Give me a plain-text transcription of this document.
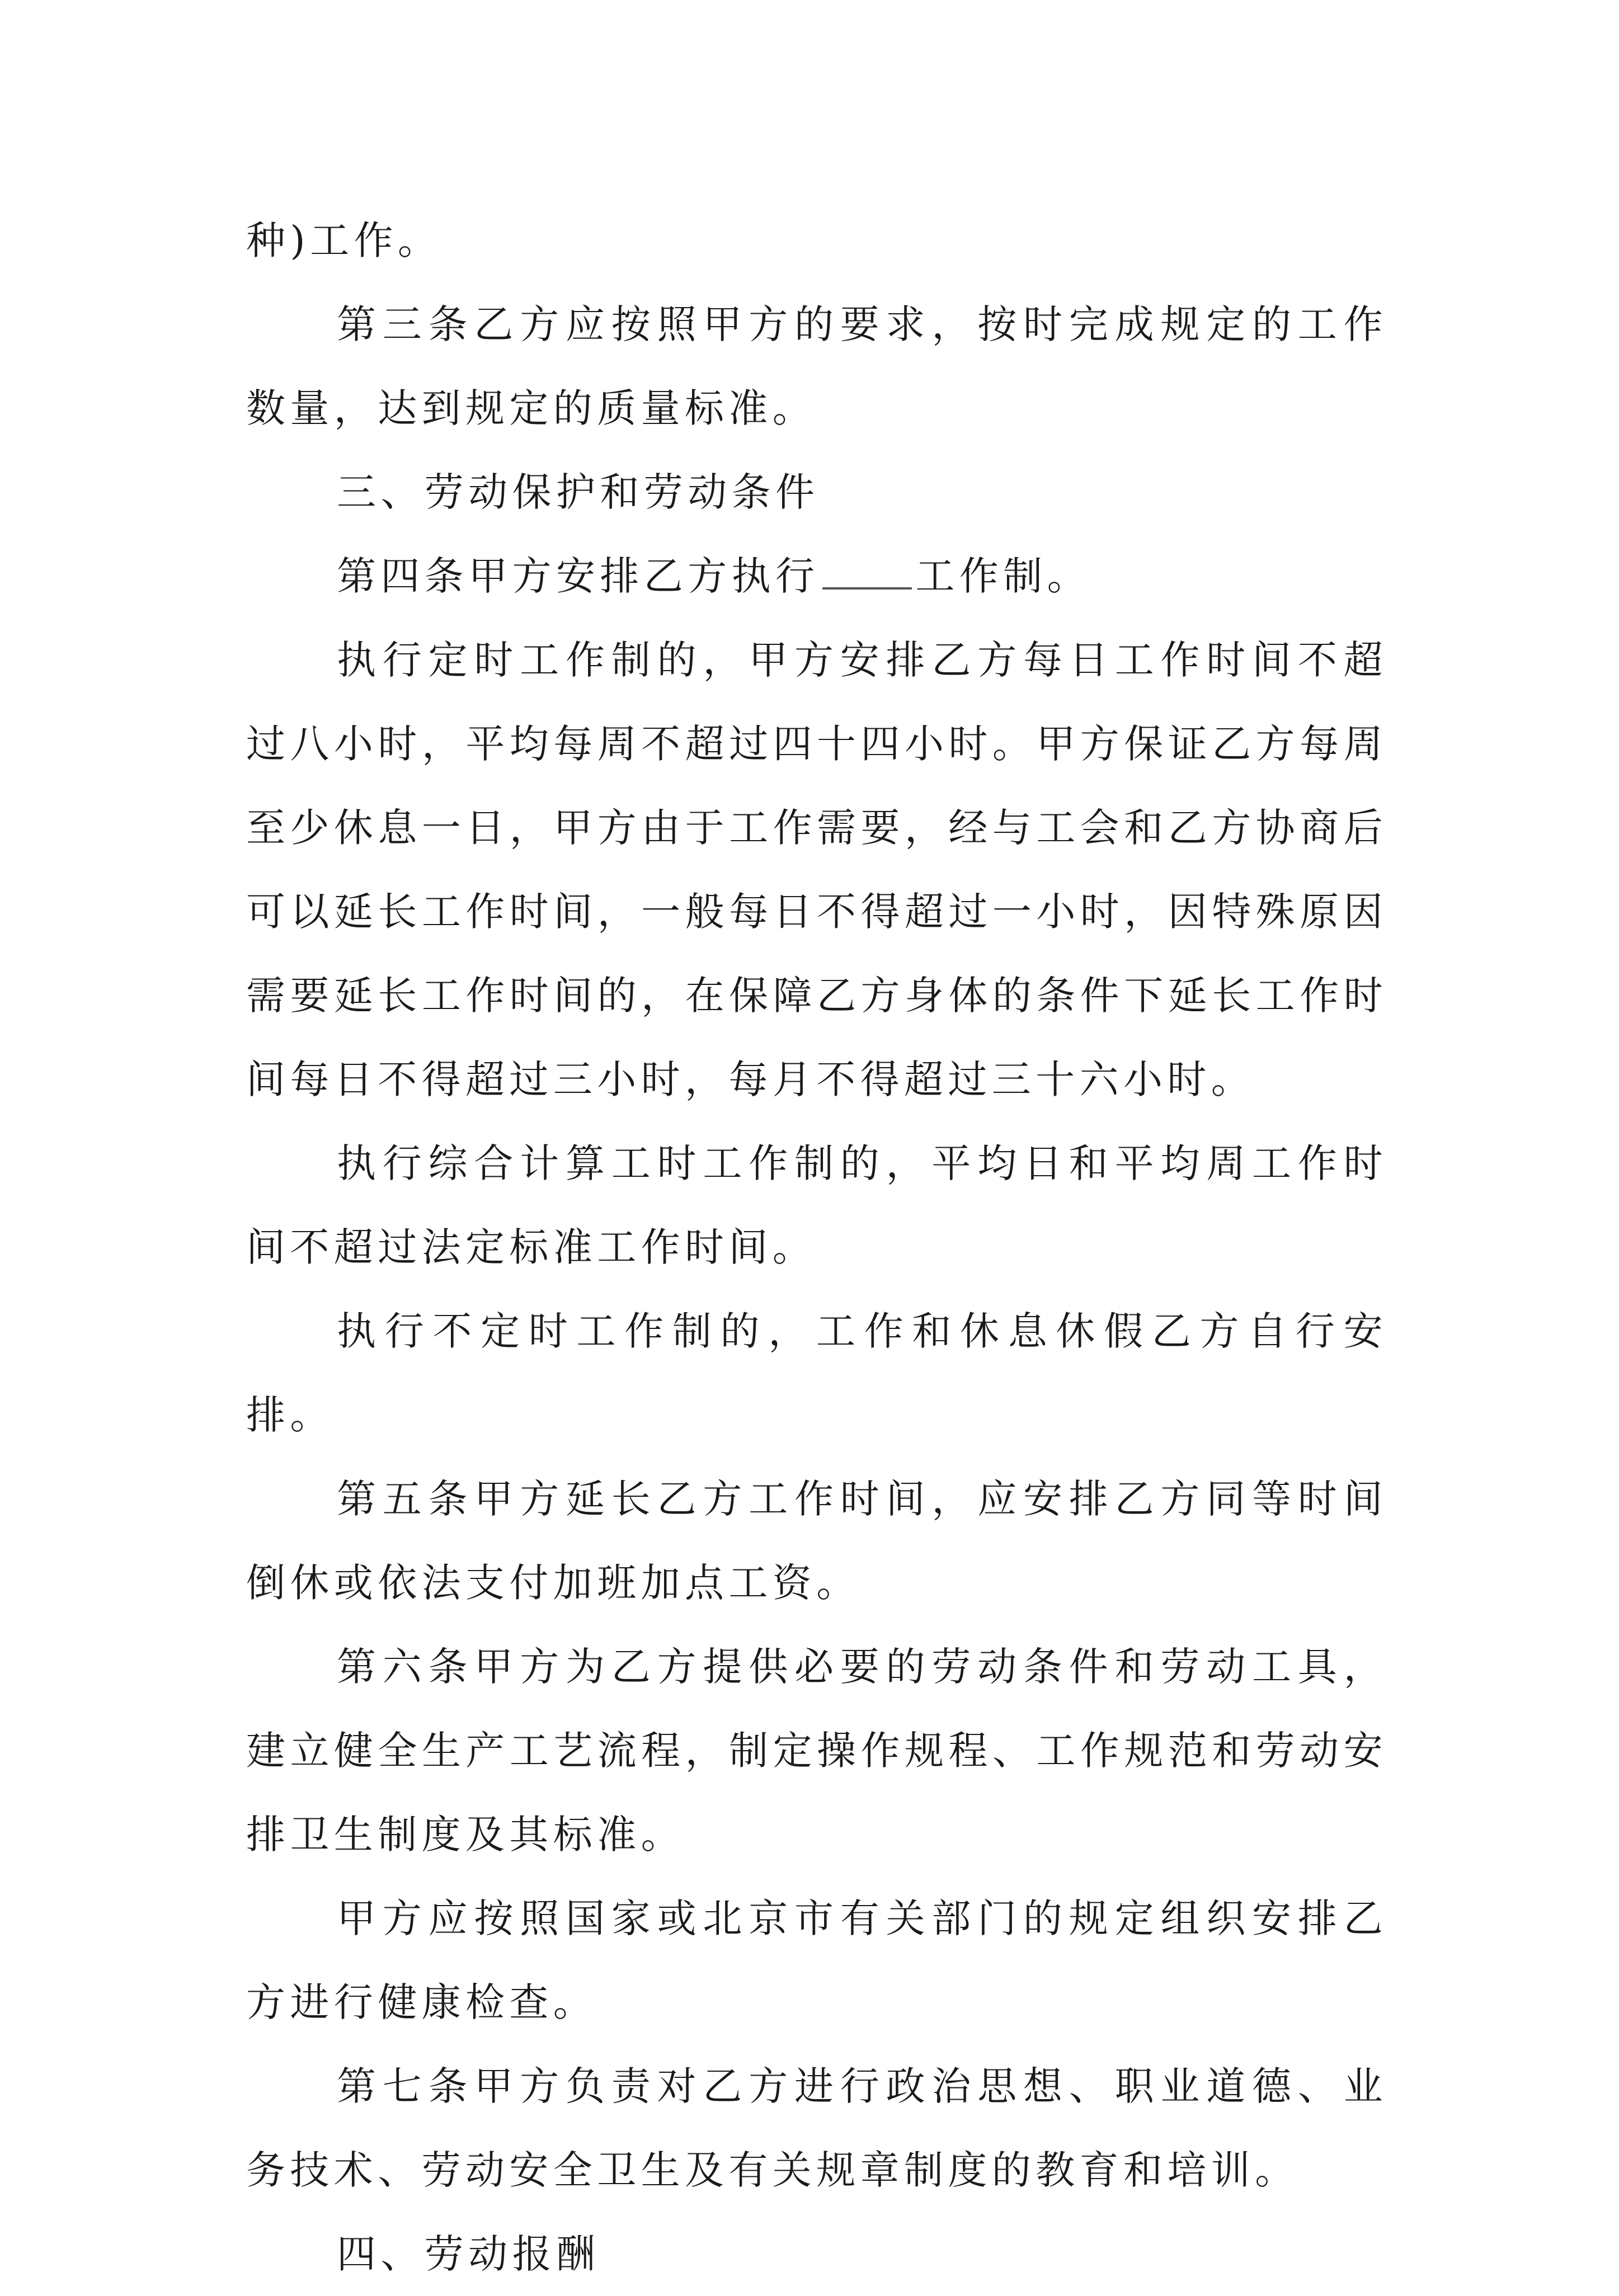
种)工作。

第三条乙方应按照甲方的要求，按时完成规定的工作数量，达到规定的质量标准。

三、劳动保护和劳动条件

第四条甲方安排乙方执行 工作制。

执行定时工作制的，甲方安排乙方每日工作时间不超过八小时，平均每周不超过四十四小时。甲方保证乙方每周至少休息一日，甲方由于工作需要，经与工会和乙方协商后可以延长工作时间，一般每日不得超过一小时，因特殊原因需要延长工作时间的，在保障乙方身体的条件下延长工作时间每日不得超过三小时，每月不得超过三十六小时。

执行综合计算工时工作制的，平均日和平均周工作时间不超过法定标准工作时间。

执行不定时工作制的，工作和休息休假乙方自行安排。

第五条甲方延长乙方工作时间，应安排乙方同等时间倒休或依法支付加班加点工资。

第六条甲方为乙方提供必要的劳动条件和劳动工具，建立健全生产工艺流程，制定操作规程、工作规范和劳动安排卫生制度及其标准。

甲方应按照国家或北京市有关部门的规定组织安排乙方进行健康检查。

第七条甲方负责对乙方进行政治思想、职业道德、业务技术、劳动安全卫生及有关规章制度的教育和培训。

四、劳动报酬
